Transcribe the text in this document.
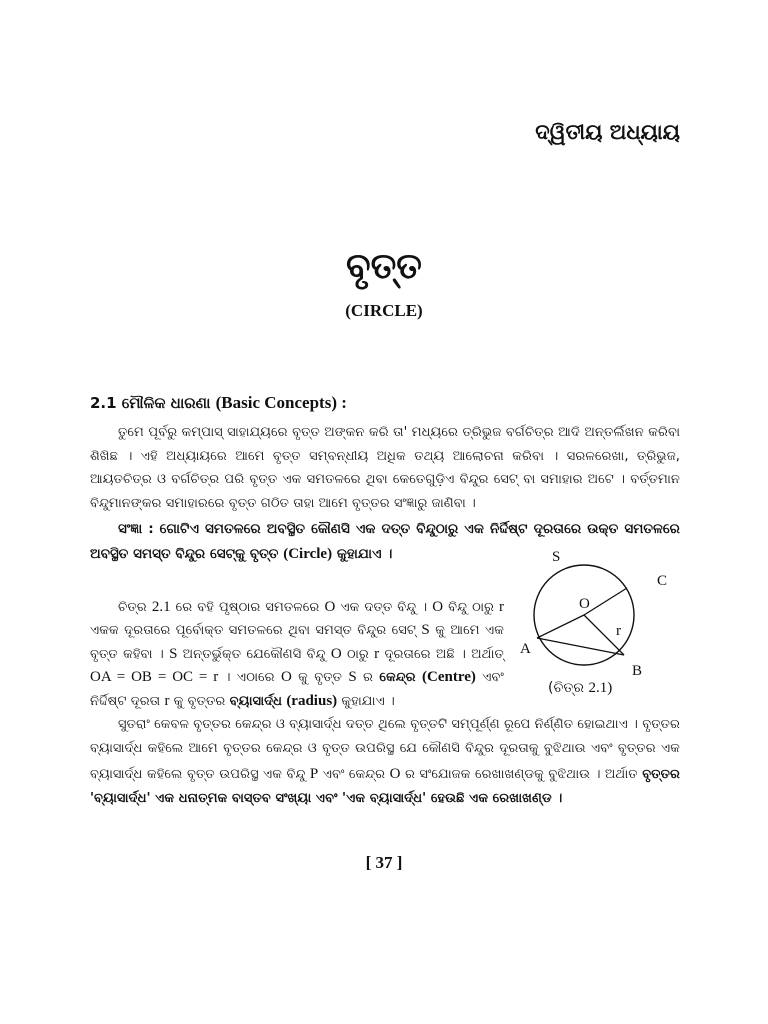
ଦ୍ୱିତୀୟ ଅଧ୍ୟାୟ
ବୃତ୍ତ
(CIRCLE)
2.1 ମୌଳିକ ଧାରଣା (Basic Concepts) :
ତୁମେ ପୂର୍ବରୁ କମ୍ପାସ୍ ସାହାଯ୍ୟରେ ବୃତ୍ତ ଅଙ୍କନ କରି ତା' ମଧ୍ୟରେ ତ୍ରିଭୁଜ ବର୍ଗଚିତ୍ର ଆଦି ଅନ୍ତର୍ଲିଖନ କରିବା ଶିଖିଛ । ଏହି ଅଧ୍ୟାୟରେ ଆମେ ବୃତ୍ତ ସମ୍ବନ୍ଧୀୟ ଅଧିକ ତଥ୍ୟ ଆଲୋଚନା କରିବା । ସରଳରେଖା, ତ୍ରିଭୁଜ, ଆୟତଚିତ୍ର ଓ ବର୍ଗଚିତ୍ର ପରି ବୃତ୍ତ ଏକ ସମତଳରେ ଥିବା କେତେଗୁଡ଼ିଏ ବିନ୍ଦୁର ସେଟ୍ ବା ସମାହାର ଅଟେ । ବର୍ତ୍ତମାନ ବିନ୍ଦୁମାନଙ୍କର ସମାହାରରେ ବୃତ୍ତ ଗଠିତ ତାହା ଆମେ ବୃତ୍ତର ସଂଜ୍ଞାରୁ ଜାଣିବା ।
ସଂଜ୍ଞା : ଗୋଟିଏ ସମତଳରେ ଅବସ୍ଥିତ କୌଣସି ଏକ ଦତ୍ତ ବିନ୍ଦୁଠାରୁ ଏକ ନିର୍ଦ୍ଦିଷ୍ଟ ଦୂରତାରେ ଉକ୍ତ ସମତଳରେ ଅବସ୍ଥିତ ସମସ୍ତ ବିନ୍ଦୁର ସେଟ୍‌କୁ ବୃତ୍ତ (Circle) କୁହାଯାଏ ।
ଚିତ୍ର 2.1 ରେ ବହି ପୃଷ୍ଠାର ସମତଳରେ O ଏକ ଦତ୍ତ ବିନ୍ଦୁ । O ବିନ୍ଦୁ ଠାରୁ r ଏକକ ଦୂରତାରେ ପୂର୍ବୋକ୍ତ ସମତଳରେ ଥିବା ସମସ୍ତ ବିନ୍ଦୁର ସେଟ୍ S କୁ ଆମେ ଏକ ବୃତ୍ତ କହିବା । S ଅନ୍ତର୍ଭୁକ୍ତ ଯେକୌଣସି ବିନ୍ଦୁ O ଠାରୁ r ଦୂରତାରେ ଅଛି । ଅର୍ଥାତ୍ OA = OB = OC = r । ଏଠାରେ O କୁ ବୃତ୍ତ S ର କେନ୍ଦ୍ର (Centre) ଏବଂ ନିର୍ଦ୍ଦିଷ୍ଟ ଦୂରତା r କୁ ବୃତ୍ତର ବ୍ୟାସାର୍ଦ୍ଧ (radius) କୁହାଯାଏ ।
S
C
O
r
A
B
(ଚିତ୍ର 2.1)
ସୁତରାଂ କେବଳ ବୃତ୍ତର କେନ୍ଦ୍ର ଓ ବ୍ୟାସାର୍ଦ୍ଧ ଦତ୍ତ ଥିଲେ ବୃତ୍ତଟି ସମ୍ପୂର୍ଣ୍ଣ ରୂପେ ନିର୍ଣ୍ଣିତ ହୋଇଥାଏ । ବୃତ୍ତର ବ୍ୟାସାର୍ଦ୍ଧ କହିଲେ ଆମେ ବୃତ୍ତର କେନ୍ଦ୍ର ଓ ବୃତ୍ତ ଉପରିସ୍ଥ ଯେ କୌଣସି ବିନ୍ଦୁର ଦୂରତାକୁ ବୁଝିଥାଉ ଏବଂ ବୃତ୍ତର ଏକ ବ୍ୟାସାର୍ଦ୍ଧ କହିଲେ ବୃତ୍ତ ଉପରିସ୍ଥ ଏକ ବିନ୍ଦୁ P ଏବଂ କେନ୍ଦ୍ର O ର ସଂଯୋଜକ ରେଖାଖଣ୍ଡକୁ ବୁଝିଥାଉ । ଅର୍ଥାତ ବୃତ୍ତର 'ବ୍ୟାସାର୍ଦ୍ଧ' ଏକ ଧନାତ୍ମକ ବାସ୍ତବ ସଂଖ୍ୟା ଏବଂ 'ଏକ ବ୍ୟାସାର୍ଦ୍ଧ' ହେଉଛି ଏକ ରେଖାଖଣ୍ଡ ।
[ 37 ]
